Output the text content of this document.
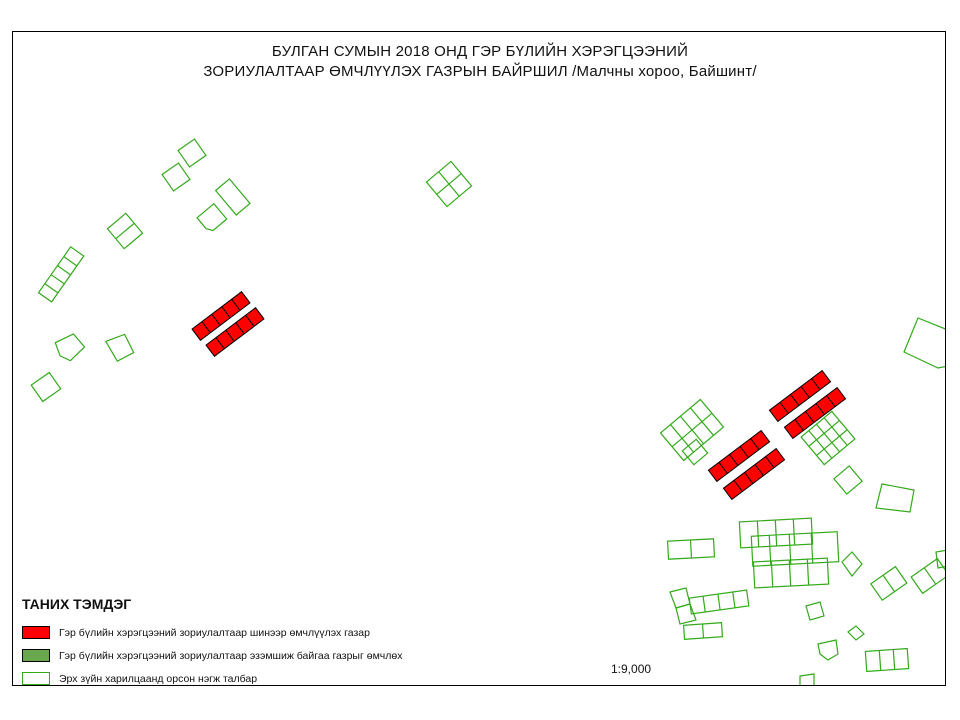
БУЛГАН СУМЫН 2018 ОНД ГЭР БҮЛИЙН ХЭРЭГЦЭЭНИЙ
ЗОРИУЛАЛТААР ӨМЧЛҮҮЛЭХ ГАЗРЫН БАЙРШИЛ /Малчны хороо, Байшинт/
ТАНИХ ТЭМДЭГ
Гэр бүлийн хэрэгцээний зориулалтаар шинээр өмчлүүлэх газар
Гэр бүлийн хэрэгцээний зориулалтаар эзэмшиж байгаа газрыг өмчлөх
Эрх зүйн харилцаанд орсон нэгж талбар
1:9,000
